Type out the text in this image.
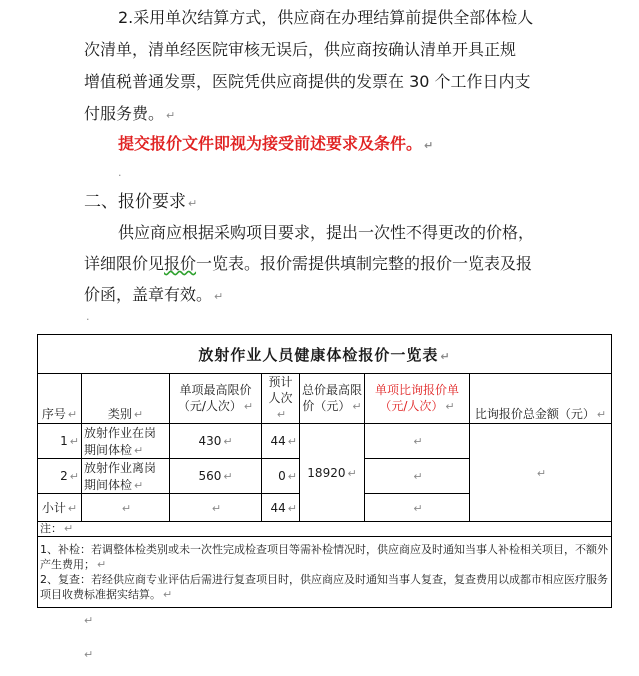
2.采用单次结算方式，供应商在办理结算前提供全部体检人
次清单，清单经医院审核无误后，供应商按确认清单开具正规
增值税普通发票，医院凭供应商提供的发票在 30 个工作日内支
付服务费。 ↵
提交报价文件即视为接受前述要求及条件。 ↵
.
二、报价要求 ↵
供应商应根据采购项目要求，提出一次性不得更改的价格，
详细限价见报价一览表。报价需提供填制完整的报价一览表及报
价函，盖章有效。 ↵
.
放射作业人员健康体检报价一览表 ↵						
序号 ↵	类别 ↵	单项最高限价（元/人次） ↵	预计人次↵	总价最高限价（元） ↵	单项比询报价单（元/人次） ↵	比询报价总金额（元） ↵
1 ↵	放射作业在岗期间体检 ↵	430 ↵	44 ↵	18920 ↵	↵	↵
2 ↵	放射作业离岗期间体检 ↵	560 ↵	0 ↵		↵	
小计 ↵	↵	↵	44 ↵		↵	
注： ↵						

1、补检：若调整体检类别或未一次性完成检查项目等需补检情况时，供应商应及时通知当事人补检相关项目，不额外产生费用； ↵
2、复查：若经供应商专业评估后需进行复查项目时，供应商应及时通知当事人复查，复查费用以成都市相应医疗服务项目收费标准据实结算。 ↵						
↵
↵
